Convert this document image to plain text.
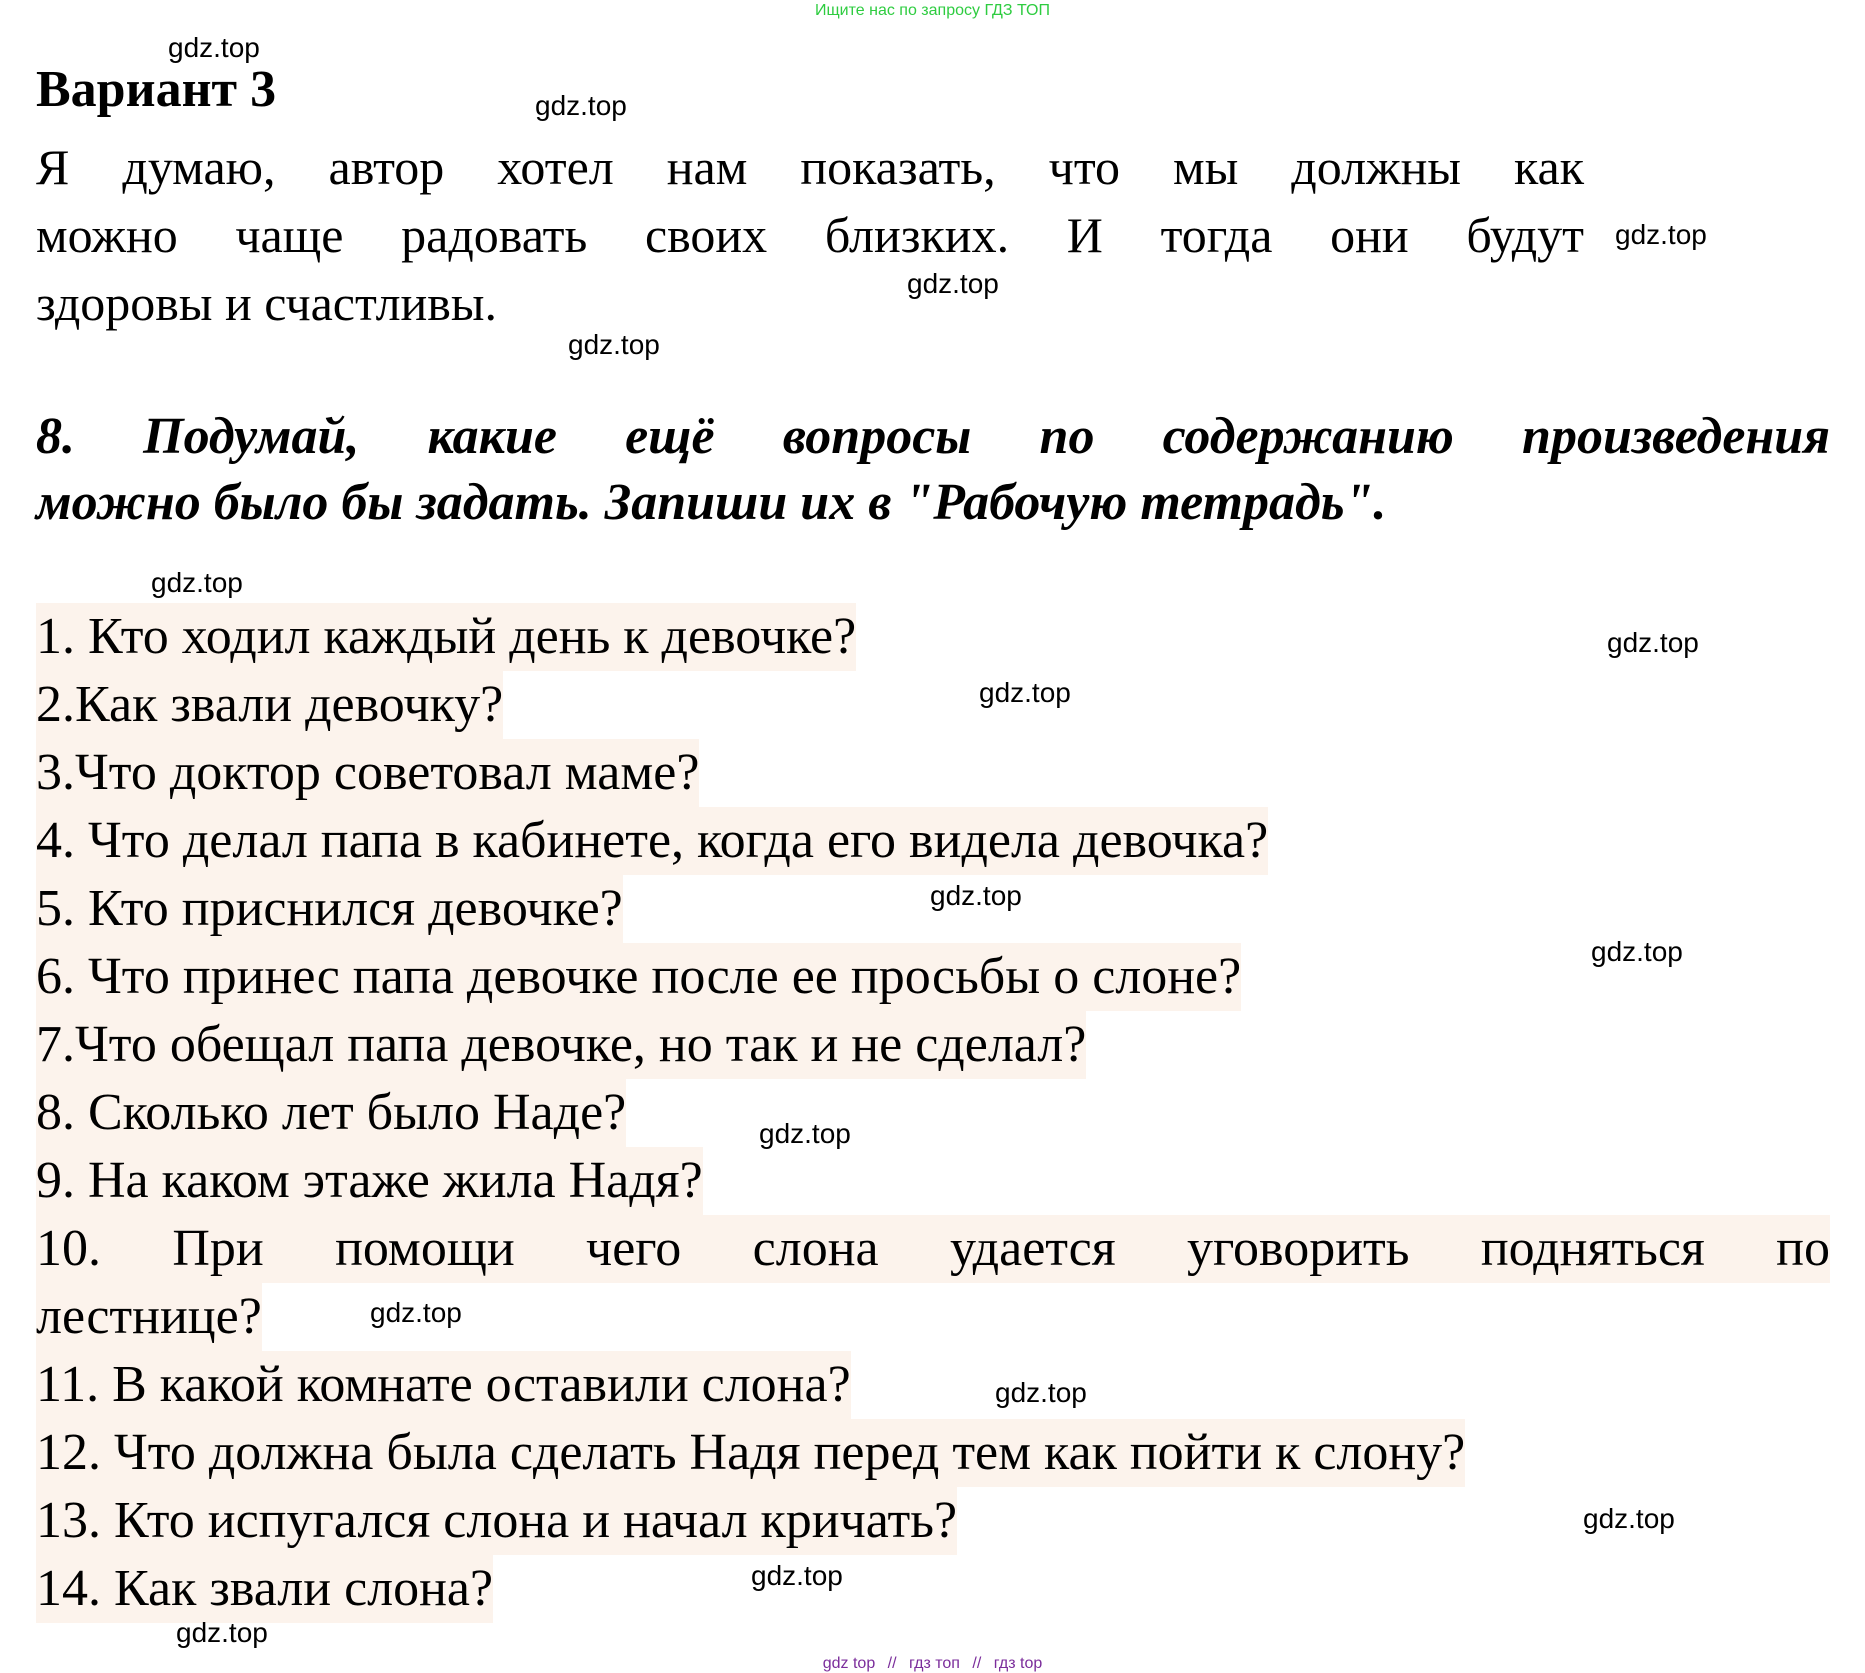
Ищите нас по запросу ГДЗ ТОП
Вариант 3

Я думаю, автор хотел нам показать, что мы должны как
можно чаще радовать своих близких. И тогда они будут
здоровы и счастливы.

8. Подумай, какие ещё вопросы по содержанию произведения
можно было бы задать. Запиши их в "Рабочую тетрадь".

1. Кто ходил каждый день к девочке?
2.Как звали девочку?
3.Что доктор советовал маме?
4. Что делал папа в кабинете, когда его видела девочка?
5. Кто приснился девочке?
6. Что принес папа девочке после ее просьбы о слоне?
7.Что обещал папа девочке, но так и не сделал?
8. Сколько лет было Наде?
9. На каком этаже жила Надя?
10. При помощи чего слона удается уговорить подняться по
лестнице?
11. В какой комнате оставили слона?
12. Что должна была сделать Надя перед тем как пойти к слону?
13. Кто испугался слона и начал кричать?
14. Как звали слона?
gdz.top
gdz.top
gdz.top
gdz.top
gdz.top
gdz.top
gdz.top
gdz.top
gdz.top
gdz.top
gdz.top
gdz.top
gdz.top
gdz.top
gdz.top
gdz.top
gdz top // гдз топ // гдз top
